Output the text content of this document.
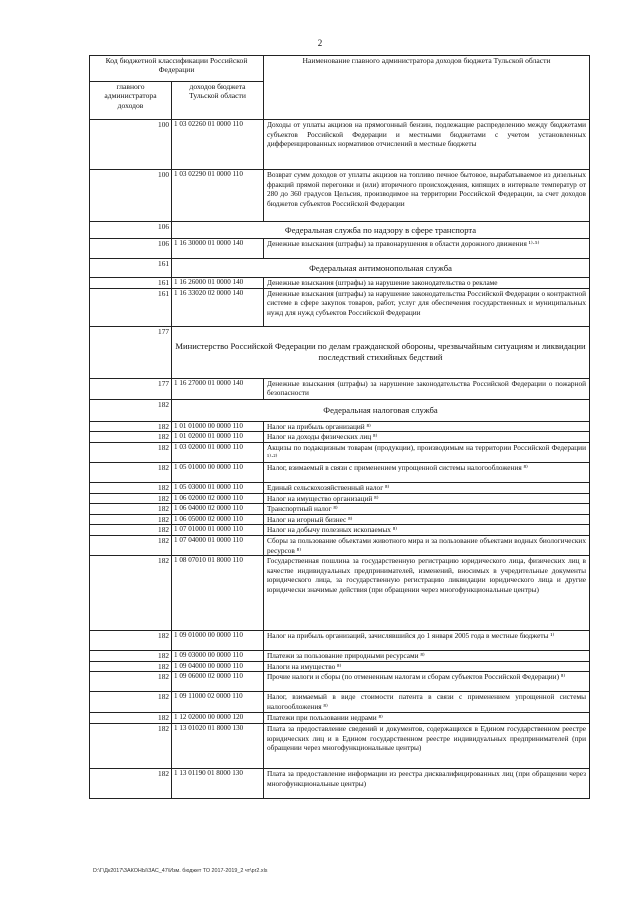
2
Код бюджетной классификации Российской Федерации		Наименование главного администратора доходов бюджета Тульской области
главного администратора доходов	доходов бюджета Тульской области	
100	1 03 02260 01 0000 110	Доходы от уплаты акцизов на прямогонный бензин, подлежащие распределению между бюджетами субъектов Российской Федерации и местными бюджетами с учетом установленных дифференцированных нормативов отчислений в местные бюджеты
100	1 03 02290 01 0000 110	Возврат сумм доходов от уплаты акцизов на топливо печное бытовое, вырабатываемое из дизельных фракций прямой перегонки и (или) вторичного происхождения, кипящих в интервале температур от 280 до 360 градусов Цельсия, производимое на территории Российской Федерации, за счет доходов бюджетов субъектов Российской Федерации
106	Федеральная служба по надзору в сфере транспорта	
106	1 16 30000 01 0000 140	Денежные взыскания (штрафы) за правонарушения в области дорожного движения ¹⁾·⁵⁾
161	Федеральная антимонопольная служба	
161	1 16 26000 01 0000 140	Денежные взыскания (штрафы) за нарушение законодательства о рекламе
161	1 16 33020 02 0000 140	Денежные взыскания (штрафы) за нарушение законодательства Российской Федерации о контрактной системе в сфере закупок товаров, работ, услуг для обеспечения государственных и муниципальных нужд для нужд субъектов Российской Федерации
177	Министерство Российской Федерации по делам гражданской обороны, чрезвычайным ситуациям и ликвидации последствий стихийных бедствий	
177	1 16 27000 01 0000 140	Денежные взыскания (штрафы) за нарушение законодательства Российской Федерации о пожарной безопасности
182	Федеральная налоговая служба	
182	1 01 01000 00 0000 110	Налог на прибыль организаций ⁸⁾
182	1 01 02000 01 0000 110	Налог на доходы физических лиц ⁸⁾
182	1 03 02000 01 0000 110	Акцизы по подакцизным товарам (продукции), производимым на территории Российской Федерации ¹⁾·²⁾
182	1 05 01000 00 0000 110	Налог, взимаемый в связи с применением упрощенной системы налогообложения ⁸⁾
182	1 05 03000 01 0000 110	Единый сельскохозяйственный налог ⁸⁾
182	1 06 02000 02 0000 110	Налог на имущество организаций ⁸⁾
182	1 06 04000 02 0000 110	Транспортный налог ⁸⁾
182	1 06 05000 02 0000 110	Налог на игорный бизнес ⁸⁾
182	1 07 01000 01 0000 110	Налог на добычу полезных ископаемых ⁸⁾
182	1 07 04000 01 0000 110	Сборы за пользование объектами животного мира и за пользование объектами водных биологических ресурсов ⁸⁾
182	1 08 07010 01 8000 110	Государственная пошлина за государственную регистрацию юридического лица, физических лиц в качестве индивидуальных предпринимателей, изменений, вносимых в учредительные документы юридического лица, за государственную регистрацию ликвидации юридического лица и другие юридически значимые действия (при обращении через многофункциональные центры)
182	1 09 01000 00 0000 110	Налог на прибыль организаций, зачислявшийся до 1 января 2005 года в местные бюджеты ¹⁾
182	1 09 03000 00 0000 110	Платежи за пользование природными ресурсами ⁸⁾
182	1 09 04000 00 0000 110	Налоги на имущество ⁸⁾
182	1 09 06000 02 0000 110	Прочие налоги и сборы (по отмененным налогам и сборам субъектов Российской Федерации) ⁸⁾
182	1 09 11000 02 0000 110	Налог, взимаемый в виде стоимости патента в связи с применением упрощенной системы налогообложения ⁸⁾
182	1 12 02000 00 0000 120	Платежи при пользовании недрами ⁸⁾
182	1 13 01020 01 8000 130	Плата за предоставление сведений и документов, содержащихся в Едином государственном реестре юридических лиц и в Едином государственном реестре индивидуальных предпринимателей (при обращении через многофункциональные центры)
182	1 13 01190 01 8000 130	Плата за предоставление информации из реестра дисквалифицированных лиц (при обращении через многофункциональные центры)
D:\Г\Дк2017\ЗАКОНЫ\ЗАС_47\Изм. бюджет ТО 2017-2019_2 чт\pr2.xls
